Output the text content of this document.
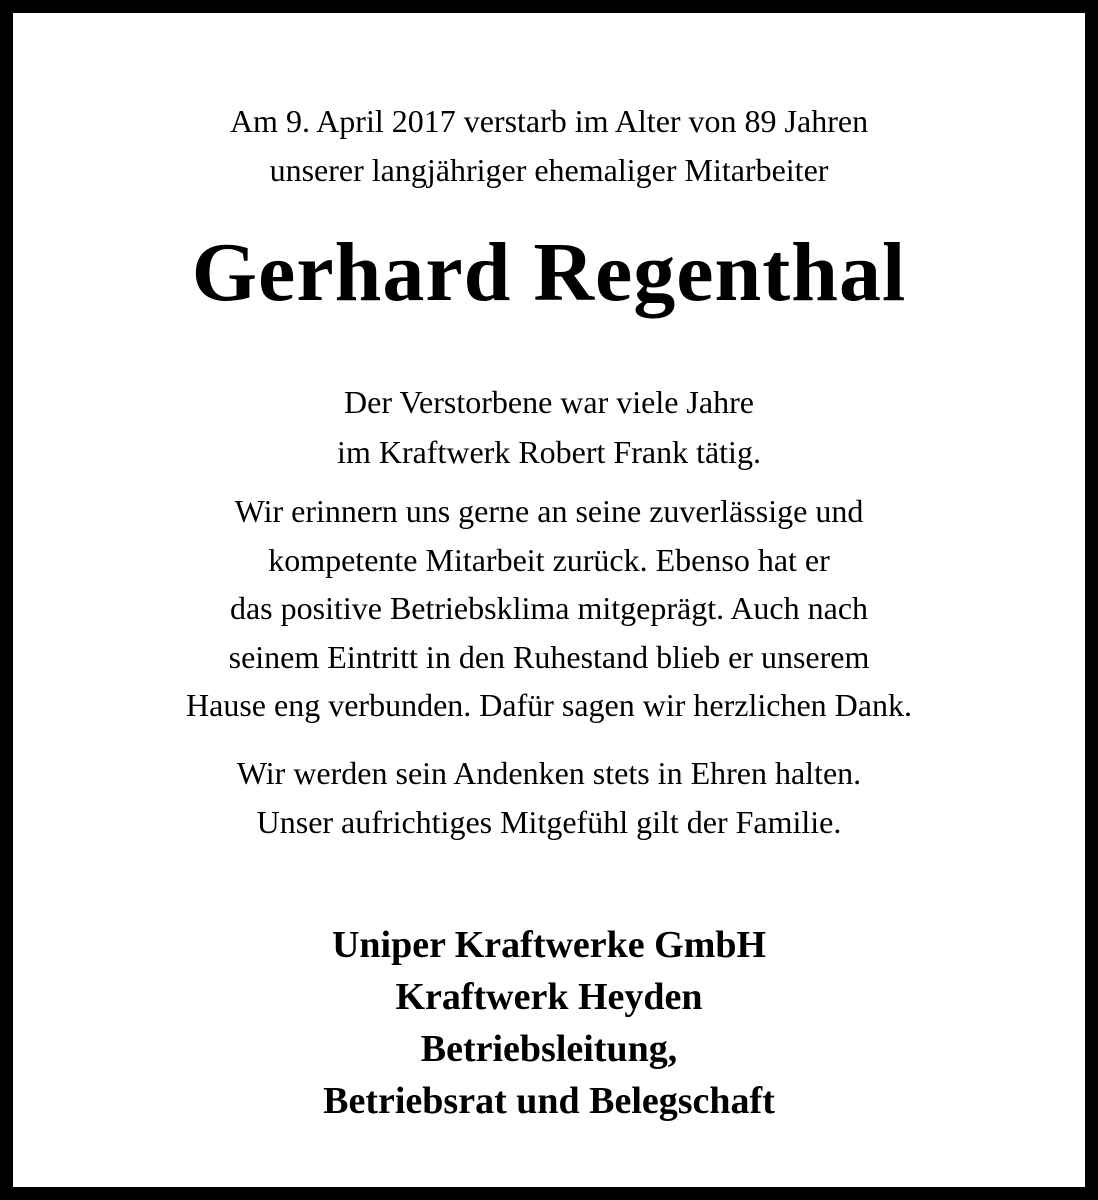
Am 9. April 2017 verstarb im Alter von 89 Jahren
unserer langjähriger ehemaliger Mitarbeiter
Gerhard Regenthal
Der Verstorbene war viele Jahre
im Kraftwerk Robert Frank tätig.
Wir erinnern uns gerne an seine zuverlässige und
kompetente Mitarbeit zurück. Ebenso hat er
das positive Betriebsklima mitgeprägt. Auch nach
seinem Eintritt in den Ruhestand blieb er unserem
Hause eng verbunden. Dafür sagen wir herzlichen Dank.
Wir werden sein Andenken stets in Ehren halten.
Unser aufrichtiges Mitgefühl gilt der Familie.
Uniper Kraftwerke GmbH
Kraftwerk Heyden
Betriebsleitung,
Betriebsrat und Belegschaft
